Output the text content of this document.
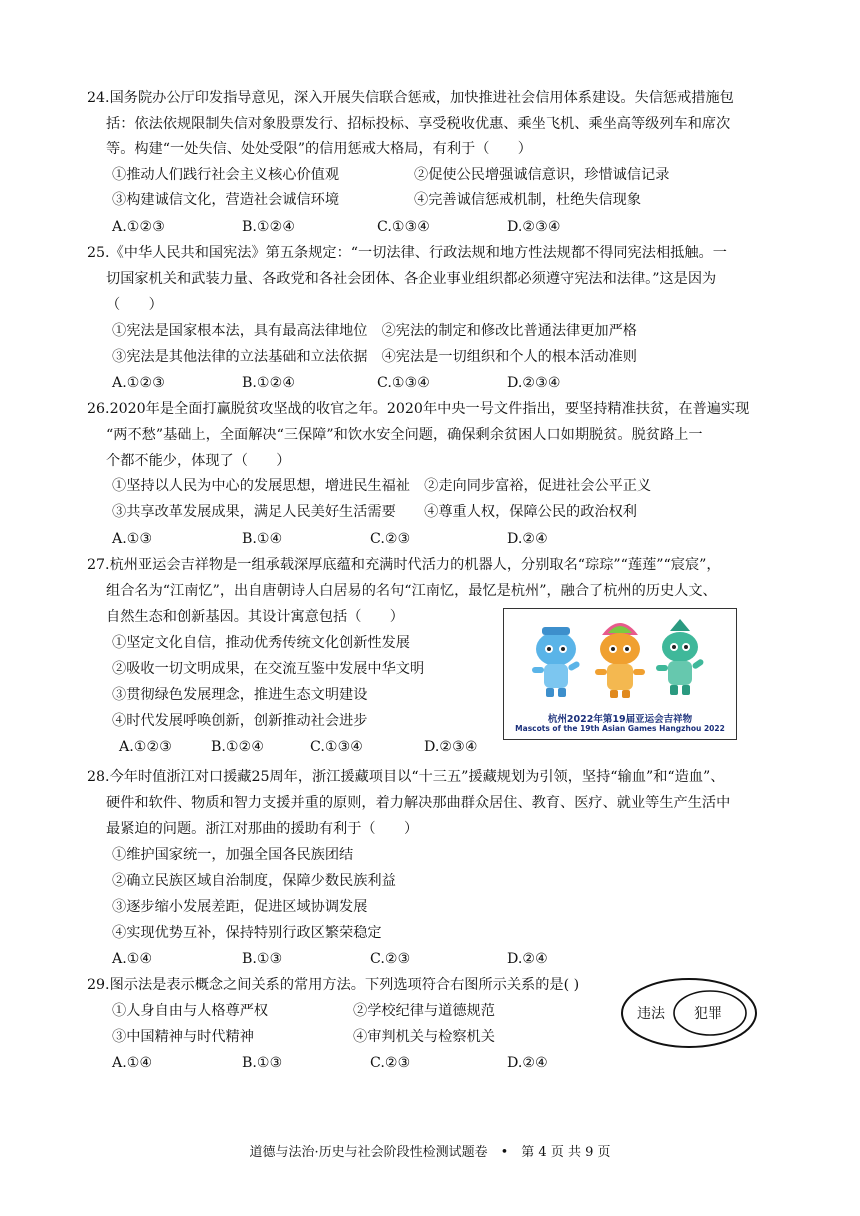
24.国务院办公厅印发指导意见，深入开展失信联合惩戒，加快推进社会信用体系建设。失信惩戒措施包
括：依法依规限制失信对象股票发行、招标投标、享受税收优惠、乘坐飞机、乘坐高等级列车和席次
等。构建“一处失信、处处受限”的信用惩戒大格局，有利于（　　）
①推动人们践行社会主义核心价值观	②促使公民增强诚信意识，珍惜诚信记录
③构建诚信文化，营造社会诚信环境	④完善诚信惩戒机制，杜绝失信现象
A.①②③	B.①②④	C.①③④	D.②③④
25.《中华人民共和国宪法》第五条规定：“一切法律、行政法规和地方性法规都不得同宪法相抵触。一
切国家机关和武装力量、各政党和各社会团体、各企业事业组织都必须遵守宪法和法律。”这是因为
（　　）
①宪法是国家根本法，具有最高法律地位　②宪法的制定和修改比普通法律更加严格
③宪法是其他法律的立法基础和立法依据　④宪法是一切组织和个人的根本活动准则
A.①②③	B.①②④	C.①③④	D.②③④
26.2020年是全面打赢脱贫攻坚战的收官之年。2020年中央一号文件指出，要坚持精准扶贫，在普遍实现
“两不愁”基础上，全面解决“三保障”和饮水安全问题，确保剩余贫困人口如期脱贫。脱贫路上一
个都不能少，体现了（　　）
①坚持以人民为中心的发展思想，增进民生福祉　②走向同步富裕，促进社会公平正义
③共享改革发展成果，满足人民美好生活需要　　④尊重人权，保障公民的政治权利
A.①③	B.①④	C.②③	D.②④
27.杭州亚运会吉祥物是一组承载深厚底蕴和充满时代活力的机器人，分别取名“琮琮”“莲莲”“宸宸”，
组合名为“江南忆”，出自唐朝诗人白居易的名句“江南忆，最忆是杭州”，融合了杭州的历史人文、
自然生态和创新基因。其设计寓意包括（　　）
①坚定文化自信，推动优秀传统文化创新性发展
②吸收一切文明成果，在交流互鉴中发展中华文明
③贯彻绿色发展理念，推进生态文明建设
④时代发展呼唤创新，创新推动社会进步
A.①②③	B.①②④	C.①③④	D.②③④
杭州2022年第19届亚运会吉祥物
Mascots of the 19th Asian Games Hangzhou 2022
28.今年时值浙江对口援藏25周年，浙江援藏项目以“十三五”援藏规划为引领，坚持“输血”和“造血”、
硬件和软件、物质和智力支援并重的原则，着力解决那曲群众居住、教育、医疗、就业等生产生活中
最紧迫的问题。浙江对那曲的援助有利于（　　）
①维护国家统一，加强全国各民族团结
②确立民族区域自治制度，保障少数民族利益
③逐步缩小发展差距，促进区域协调发展
④实现优势互补，保持特别行政区繁荣稳定
A.①④	B.①③	C.②③	D.②④
29.图示法是表示概念之间关系的常用方法。下列选项符合右图所示关系的是( )
①人身自由与人格尊严权	②学校纪律与道德规范
③中国精神与时代精神	④审判机关与检察机关
A.①④	B.①③	C.②③	D.②④
违法 犯罪
道德与法治·历史与社会阶段性检测试题卷　•　第 4 页 共 9 页
